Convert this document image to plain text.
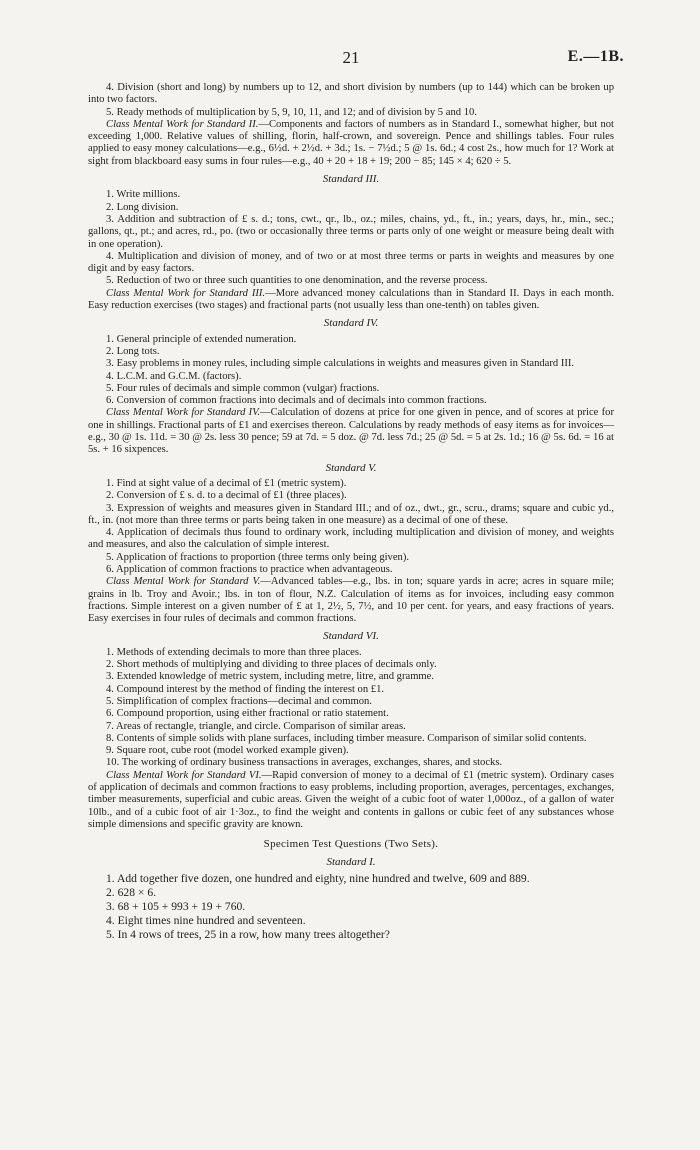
21	E.—1B.

4. Division (short and long) by numbers up to 12, and short division by numbers (up to 144) which can be broken up into two factors.

5. Ready methods of multiplication by 5, 9, 10, 11, and 12; and of division by 5 and 10.

Class Mental Work for Standard II.—Components and factors of numbers as in Standard I., somewhat higher, but not exceeding 1,000. Relative values of shilling, florin, half-crown, and sovereign. Pence and shillings tables. Four rules applied to easy money calculations—e.g., 6½d. + 2½d. + 3d.; 1s. − 7½d.; 5 @ 1s. 6d.; 4 cost 2s., how much for 1? Work at sight from blackboard easy sums in four rules—e.g., 40 + 20 + 18 + 19; 200 − 85; 145 × 4; 620 ÷ 5.

Standard III.

1. Write millions.

2. Long division.

3. Addition and subtraction of £ s. d.; tons, cwt., qr., lb., oz.; miles, chains, yd., ft., in.; years, days, hr., min., sec.; gallons, qt., pt.; and acres, rd., po. (two or occasionally three terms or parts only of one weight or measure being dealt with in one operation).

4. Multiplication and division of money, and of two or at most three terms or parts in weights and measures by one digit and by easy factors.

5. Reduction of two or three such quantities to one denomination, and the reverse process.

Class Mental Work for Standard III.—More advanced money calculations than in Standard II. Days in each month. Easy reduction exercises (two stages) and fractional parts (not usually less than one-tenth) on tables given.

Standard IV.

1. General principle of extended numeration.

2. Long tots.

3. Easy problems in money rules, including simple calculations in weights and measures given in Standard III.

4. L.C.M. and G.C.M. (factors).

5. Four rules of decimals and simple common (vulgar) fractions.

6. Conversion of common fractions into decimals and of decimals into common fractions.

Class Mental Work for Standard IV.—Calculation of dozens at price for one given in pence, and of scores at price for one in shillings. Fractional parts of £1 and exercises thereon. Calculations by ready methods of easy items as for invoices—e.g., 30 @ 1s. 11d. = 30 @ 2s. less 30 pence; 59 at 7d. = 5 doz. @ 7d. less 7d.; 25 @ 5d. = 5 at 2s. 1d.; 16 @ 5s. 6d. = 16 at 5s. + 16 sixpences.

Standard V.

1. Find at sight value of a decimal of £1 (metric system).

2. Conversion of £ s. d. to a decimal of £1 (three places).

3. Expression of weights and measures given in Standard III.; and of oz., dwt., gr., scru., drams; square and cubic yd., ft., in. (not more than three terms or parts being taken in one measure) as a decimal of one of these.

4. Application of decimals thus found to ordinary work, including multiplication and division of money, and weights and measures, and also the calculation of simple interest.

5. Application of fractions to proportion (three terms only being given).

6. Application of common fractions to practice when advantageous.

Class Mental Work for Standard V.—Advanced tables—e.g., lbs. in ton; square yards in acre; acres in square mile; grains in lb. Troy and Avoir.; lbs. in ton of flour, N.Z. Calculation of items as for invoices, including easy common fractions. Simple interest on a given number of £ at 1, 2½, 5, 7½, and 10 per cent. for years, and easy fractions of years. Easy exercises in four rules of decimals and common fractions.

Standard VI.

1. Methods of extending decimals to more than three places.

2. Short methods of multiplying and dividing to three places of decimals only.

3. Extended knowledge of metric system, including metre, litre, and gramme.

4. Compound interest by the method of finding the interest on £1.

5. Simplification of complex fractions—decimal and common.

6. Compound proportion, using either fractional or ratio statement.

7. Areas of rectangle, triangle, and circle. Comparison of similar areas.

8. Contents of simple solids with plane surfaces, including timber measure. Comparison of similar solid contents.

9. Square root, cube root (model worked example given).

10. The working of ordinary business transactions in averages, exchanges, shares, and stocks.

Class Mental Work for Standard VI.—Rapid conversion of money to a decimal of £1 (metric system). Ordinary cases of application of decimals and common fractions to easy problems, including proportion, averages, percentages, exchanges, timber measurements, superficial and cubic areas. Given the weight of a cubic foot of water 1,000oz., of a gallon of water 10lb., and of a cubic foot of air 1·3oz., to find the weight and contents in gallons or cubic feet of any substances whose simple dimensions and specific gravity are known.

Specimen Test Questions (Two Sets).
Standard I.

1. Add together five dozen, one hundred and eighty, nine hundred and twelve, 609 and 889.

2. 628 × 6.

3. 68 + 105 + 993 + 19 + 760.

4. Eight times nine hundred and seventeen.

5. In 4 rows of trees, 25 in a row, how many trees altogether?
